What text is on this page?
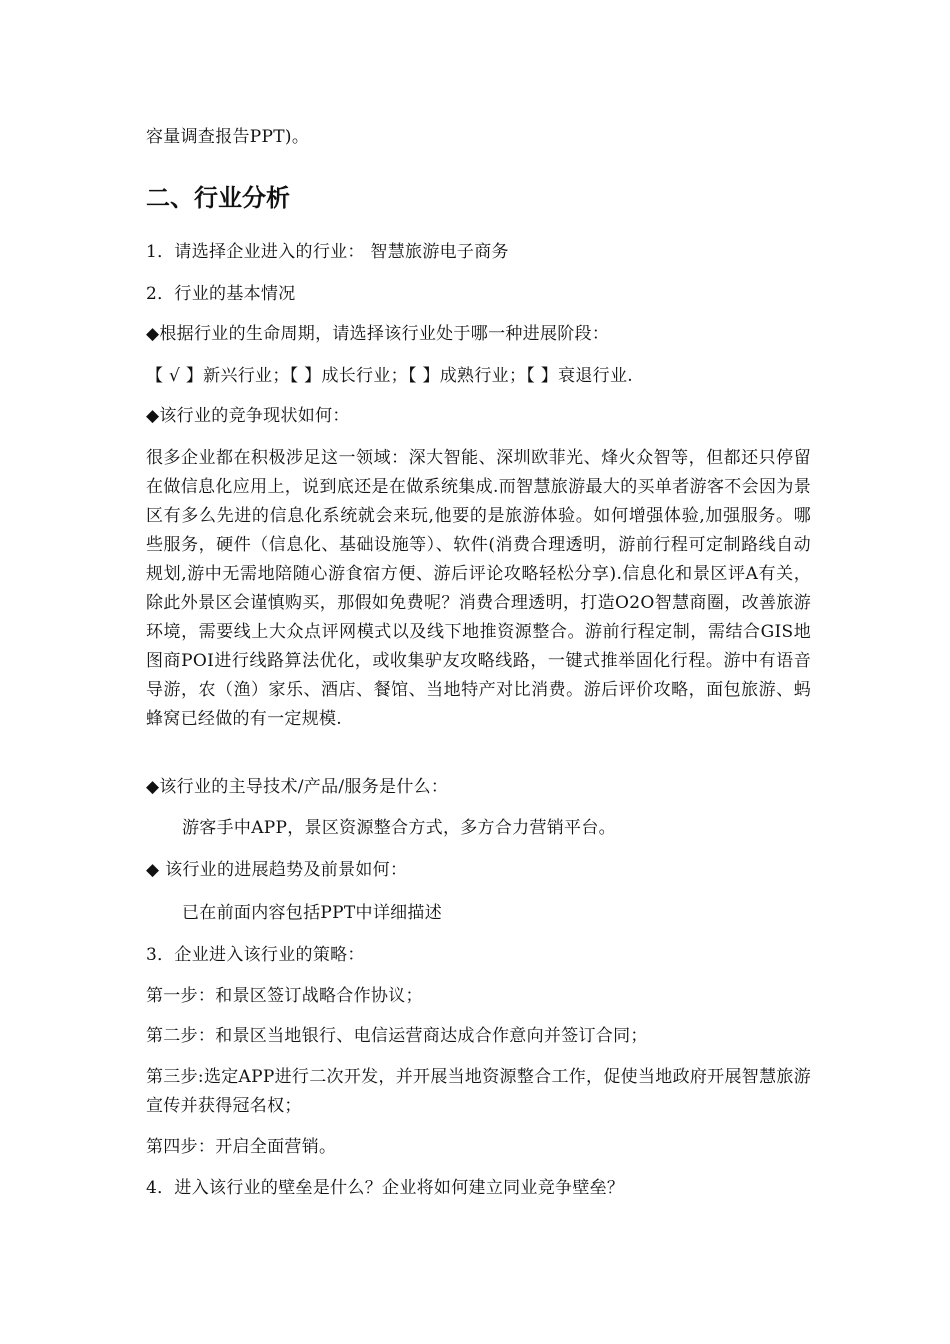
容量调查报告PPT)。
二、行业分析
1．请选择企业进入的行业： 智慧旅游电子商务
2．行业的基本情况
◆根据行业的生命周期，请选择该行业处于哪一种进展阶段：
【 √ 】新兴行业；【 】成长行业；【 】成熟行业；【 】衰退行业.
◆该行业的竞争现状如何：
很多企业都在积极涉足这一领域：深大智能、深圳欧菲光、烽火众智等，但都还只停留在做信息化应用上，说到底还是在做系统集成.而智慧旅游最大的买单者游客不会因为景区有多么先进的信息化系统就会来玩,他要的是旅游体验。如何增强体验,加强服务。哪些服务，硬件（信息化、基础设施等）、软件(消费合理透明，游前行程可定制路线自动规划,游中无需地陪随心游食宿方便、游后评论攻略轻松分享).信息化和景区评A有关，除此外景区会谨慎购买，那假如免费呢？消费合理透明，打造O2O智慧商圈，改善旅游环境，需要线上大众点评网模式以及线下地推资源整合。游前行程定制，需结合GIS地图商POI进行线路算法优化，或收集驴友攻略线路，一键式推举固化行程。游中有语音导游，农（渔）家乐、酒店、餐馆、当地特产对比消费。游后评价攻略，面包旅游、蚂蜂窝已经做的有一定规模.
◆该行业的主导技术/产品/服务是什么：
游客手中APP，景区资源整合方式，多方合力营销平台。
◆ 该行业的进展趋势及前景如何：
已在前面内容包括PPT中详细描述
3．企业进入该行业的策略：
第一步：和景区签订战略合作协议；
第二步：和景区当地银行、电信运营商达成合作意向并签订合同；
第三步:选定APP进行二次开发，并开展当地资源整合工作，促使当地政府开展智慧旅游宣传并获得冠名权；
第四步：开启全面营销。
4．进入该行业的壁垒是什么？企业将如何建立同业竞争壁垒？
